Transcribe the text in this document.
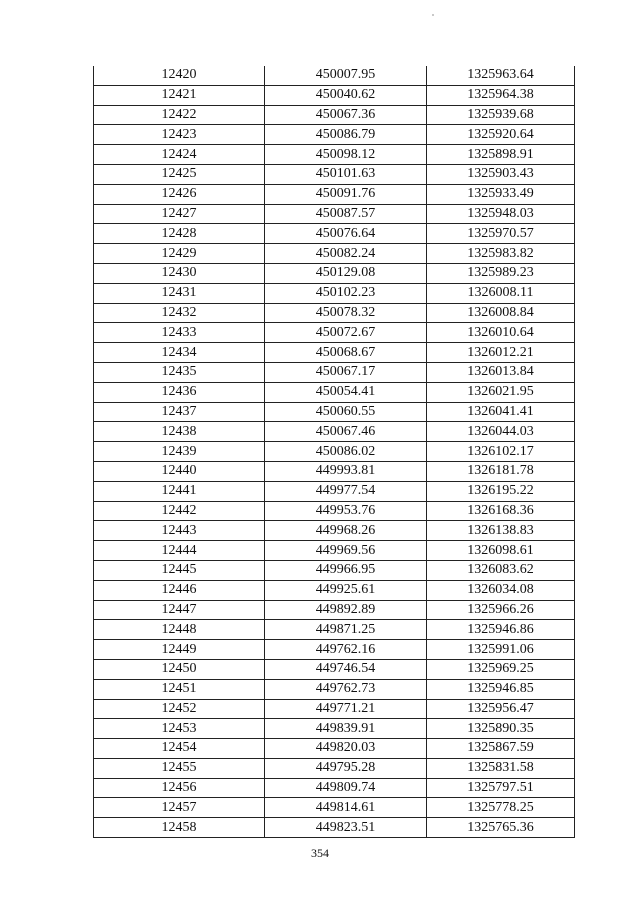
12420	450007.95	1325963.64
12421	450040.62	1325964.38
12422	450067.36	1325939.68
12423	450086.79	1325920.64
12424	450098.12	1325898.91
12425	450101.63	1325903.43
12426	450091.76	1325933.49
12427	450087.57	1325948.03
12428	450076.64	1325970.57
12429	450082.24	1325983.82
12430	450129.08	1325989.23
12431	450102.23	1326008.11
12432	450078.32	1326008.84
12433	450072.67	1326010.64
12434	450068.67	1326012.21
12435	450067.17	1326013.84
12436	450054.41	1326021.95
12437	450060.55	1326041.41
12438	450067.46	1326044.03
12439	450086.02	1326102.17
12440	449993.81	1326181.78
12441	449977.54	1326195.22
12442	449953.76	1326168.36
12443	449968.26	1326138.83
12444	449969.56	1326098.61
12445	449966.95	1326083.62
12446	449925.61	1326034.08
12447	449892.89	1325966.26
12448	449871.25	1325946.86
12449	449762.16	1325991.06
12450	449746.54	1325969.25
12451	449762.73	1325946.85
12452	449771.21	1325956.47
12453	449839.91	1325890.35
12454	449820.03	1325867.59
12455	449795.28	1325831.58
12456	449809.74	1325797.51
12457	449814.61	1325778.25
12458	449823.51	1325765.36
354
